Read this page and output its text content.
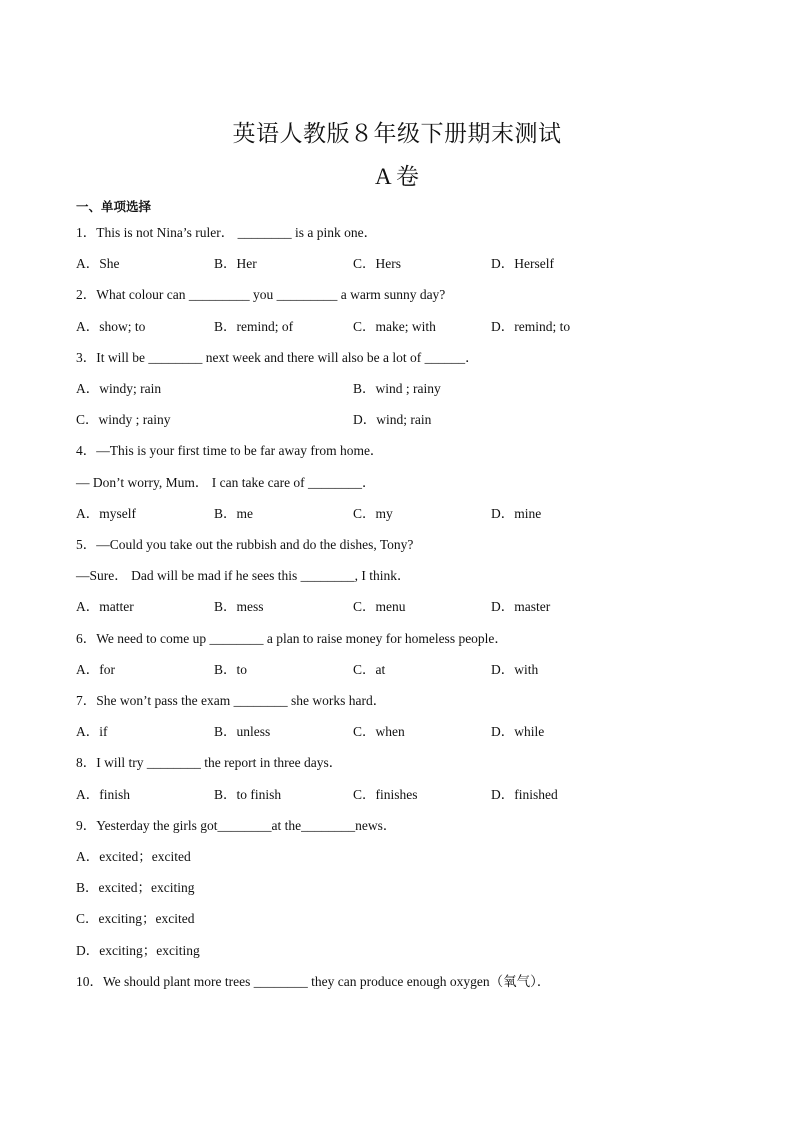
英语人教版８年级下册期末测试
A 卷
一、单项选择
1．This is not Nina’s ruler． ________ is a pink one．
A．She	B．Her	C．Hers	D．Herself
2．What colour can _________ you _________ a warm sunny day?
A．show; to	B．remind; of	C．make; with	D．remind; to
3．It will be ________ next week and there will also be a lot of ______．
A．windy; rain	B．wind ; rainy
C．windy ; rainy	D．wind; rain
4．—This is your first time to be far away from home．
— Don’t worry, Mum． I can take care of ________．
A．myself	B．me	C．my	D．mine
5．—Could you take out the rubbish and do the dishes, Tony?
—Sure． Dad will be mad if he sees this ________, I think．
A．matter	B．mess	C．menu	D．master
6．We need to come up ________ a plan to raise money for homeless people．
A．for	B．to	C．at	D．with
7．She won’t pass the exam ________ she works hard．
A．if	B．unless	C．when	D．while
8．I will try ________ the report in three days．
A．finish	B．to finish	C．finishes	D．finished
9．Yesterday the girls got________at the________news．
A．excited；excited
B．excited；exciting
C．exciting；excited
D．exciting；exciting
10．We should plant more trees ________ they can produce enough oxygen（氧气）．
